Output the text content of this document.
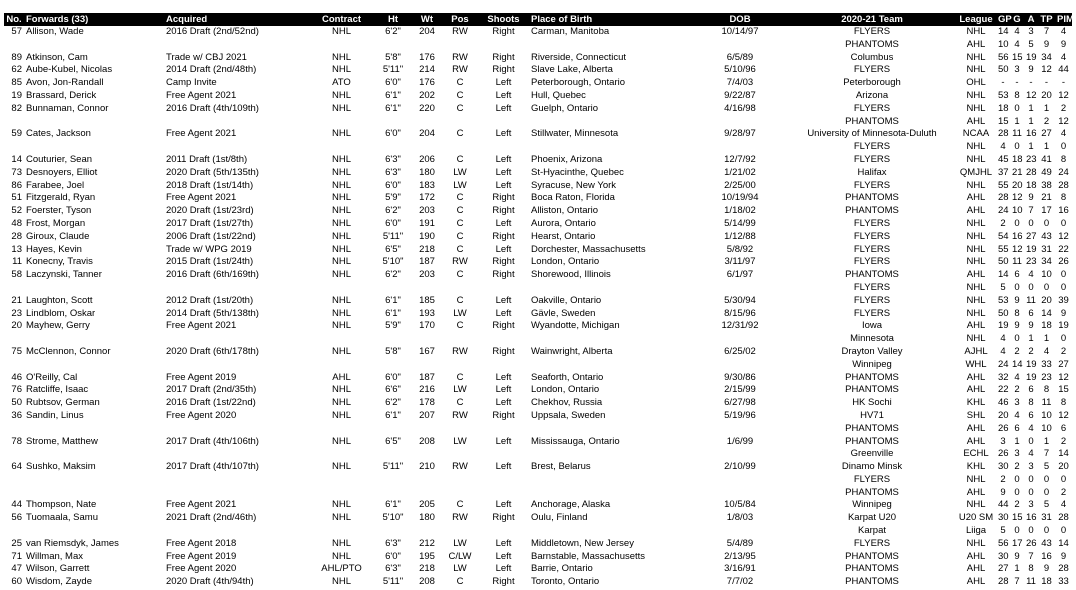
No.	Forwards (33)	Acquired	Contract	Ht	Wt	Pos	Shoots	Place of Birth	DOB	2020-21 Team	League	GP	G	A	TP	PIM
57	Allison, Wade	2016 Draft (2nd/52nd)	NHL	6'2"	204	RW	Right	Carman, Manitoba	10/14/97	FLYERS	NHL	14	4	3	7	4
										PHANTOMS	AHL	10	4	5	9	9
89	Atkinson, Cam	Trade w/ CBJ 2021	NHL	5'8"	176	RW	Right	Riverside, Connecticut	6/5/89	Columbus	NHL	56	15	19	34	4
62	Aube-Kubel, Nicolas	2014 Draft (2nd/48th)	NHL	5'11"	214	RW	Right	Slave Lake, Alberta	5/10/96	FLYERS	NHL	50	3	9	12	44
85	Avon, Jon-Randall	Camp Invite	ATO	6'0"	176	C	Left	Peterborough, Ontario	7/4/03	Peterborough	OHL	-	-	-	-	-
19	Brassard, Derick	Free Agent 2021	NHL	6'1"	202	C	Left	Hull, Quebec	9/22/87	Arizona	NHL	53	8	12	20	12
82	Bunnaman, Connor	2016 Draft (4th/109th)	NHL	6'1"	220	C	Left	Guelph, Ontario	4/16/98	FLYERS	NHL	18	0	1	1	2
										PHANTOMS	AHL	15	1	1	2	12
59	Cates, Jackson	Free Agent 2021	NHL	6'0"	204	C	Left	Stillwater, Minnesota	9/28/97	University of Minnesota-Duluth	NCAA	28	11	16	27	4
										FLYERS	NHL	4	0	1	1	0
14	Couturier, Sean	2011 Draft (1st/8th)	NHL	6'3"	206	C	Left	Phoenix, Arizona	12/7/92	FLYERS	NHL	45	18	23	41	8
73	Desnoyers, Elliot	2020 Draft (5th/135th)	NHL	6'3"	180	LW	Left	St-Hyacinthe, Quebec	1/21/02	Halifax	QMJHL	37	21	28	49	24
86	Farabee, Joel	2018 Draft (1st/14th)	NHL	6'0"	183	LW	Left	Syracuse, New York	2/25/00	FLYERS	NHL	55	20	18	38	28
51	Fitzgerald, Ryan	Free Agent 2021	NHL	5'9"	172	C	Right	Boca Raton, Florida	10/19/94	PHANTOMS	AHL	28	12	9	21	8
52	Foerster, Tyson	2020 Draft (1st/23rd)	NHL	6'2"	203	C	Right	Alliston, Ontario	1/18/02	PHANTOMS	AHL	24	10	7	17	16
48	Frost, Morgan	2017 Draft (1st/27th)	NHL	6'0"	191	C	Left	Aurora, Ontario	5/14/99	FLYERS	NHL	2	0	0	0	0
28	Giroux, Claude	2006 Draft (1st/22nd)	NHL	5'11"	190	C	Right	Hearst, Ontario	1/12/88	FLYERS	NHL	54	16	27	43	12
13	Hayes, Kevin	Trade w/ WPG 2019	NHL	6'5"	218	C	Left	Dorchester, Massachusetts	5/8/92	FLYERS	NHL	55	12	19	31	22
11	Konecny, Travis	2015 Draft (1st/24th)	NHL	5'10"	187	RW	Right	London, Ontario	3/11/97	FLYERS	NHL	50	11	23	34	26
58	Laczynski, Tanner	2016 Draft (6th/169th)	NHL	6'2"	203	C	Right	Shorewood, Illinois	6/1/97	PHANTOMS	AHL	14	6	4	10	0
										FLYERS	NHL	5	0	0	0	0
21	Laughton, Scott	2012 Draft (1st/20th)	NHL	6'1"	185	C	Left	Oakville, Ontario	5/30/94	FLYERS	NHL	53	9	11	20	39
23	Lindblom, Oskar	2014 Draft (5th/138th)	NHL	6'1"	193	LW	Left	Gävle, Sweden	8/15/96	FLYERS	NHL	50	8	6	14	9
20	Mayhew, Gerry	Free Agent 2021	NHL	5'9"	170	C	Right	Wyandotte, Michigan	12/31/92	Iowa	AHL	19	9	9	18	19
										Minnesota	NHL	4	0	1	1	0
75	McClennon, Connor	2020 Draft (6th/178th)	NHL	5'8"	167	RW	Right	Wainwright, Alberta	6/25/02	Drayton Valley	AJHL	4	2	2	4	2
										Winnipeg	WHL	24	14	19	33	27
46	O'Reilly, Cal	Free Agent 2019	AHL	6'0"	187	C	Left	Seaforth, Ontario	9/30/86	PHANTOMS	AHL	32	4	19	23	12
76	Ratcliffe, Isaac	2017 Draft (2nd/35th)	NHL	6'6"	216	LW	Left	London, Ontario	2/15/99	PHANTOMS	AHL	22	2	6	8	15
50	Rubtsov, German	2016 Draft (1st/22nd)	NHL	6'2"	178	C	Left	Chekhov, Russia	6/27/98	HK Sochi	KHL	46	3	8	11	8
36	Sandin, Linus	Free Agent 2020	NHL	6'1"	207	RW	Right	Uppsala, Sweden	5/19/96	HV71	SHL	20	4	6	10	12
										PHANTOMS	AHL	26	6	4	10	6
78	Strome, Matthew	2017 Draft (4th/106th)	NHL	6'5"	208	LW	Left	Mississauga, Ontario	1/6/99	PHANTOMS	AHL	3	1	0	1	2
										Greenville	ECHL	26	3	4	7	14
64	Sushko, Maksim	2017 Draft (4th/107th)	NHL	5'11"	210	RW	Left	Brest, Belarus	2/10/99	Dinamo Minsk	KHL	30	2	3	5	20
										FLYERS	NHL	2	0	0	0	0
										PHANTOMS	AHL	9	0	0	0	2
44	Thompson, Nate	Free Agent 2021	NHL	6'1"	205	C	Left	Anchorage, Alaska	10/5/84	Winnipeg	NHL	44	2	3	5	4
56	Tuomaala, Samu	2021 Draft (2nd/46th)	NHL	5'10"	180	RW	Right	Oulu, Finland	1/8/03	Karpat U20	U20 SM	30	15	16	31	28
										Karpat	Liiga	5	0	0	0	0
25	van Riemsdyk, James	Free Agent 2018	NHL	6'3"	212	LW	Left	Middletown, New Jersey	5/4/89	FLYERS	NHL	56	17	26	43	14
71	Willman, Max	Free Agent 2019	NHL	6'0"	195	C/LW	Left	Barnstable, Massachusetts	2/13/95	PHANTOMS	AHL	30	9	7	16	9
47	Wilson, Garrett	Free Agent 2020	AHL/PTO	6'3"	218	LW	Left	Barrie, Ontario	3/16/91	PHANTOMS	AHL	27	1	8	9	28
60	Wisdom, Zayde	2020 Draft (4th/94th)	NHL	5'11"	208	C	Right	Toronto, Ontario	7/7/02	PHANTOMS	AHL	28	7	11	18	33
